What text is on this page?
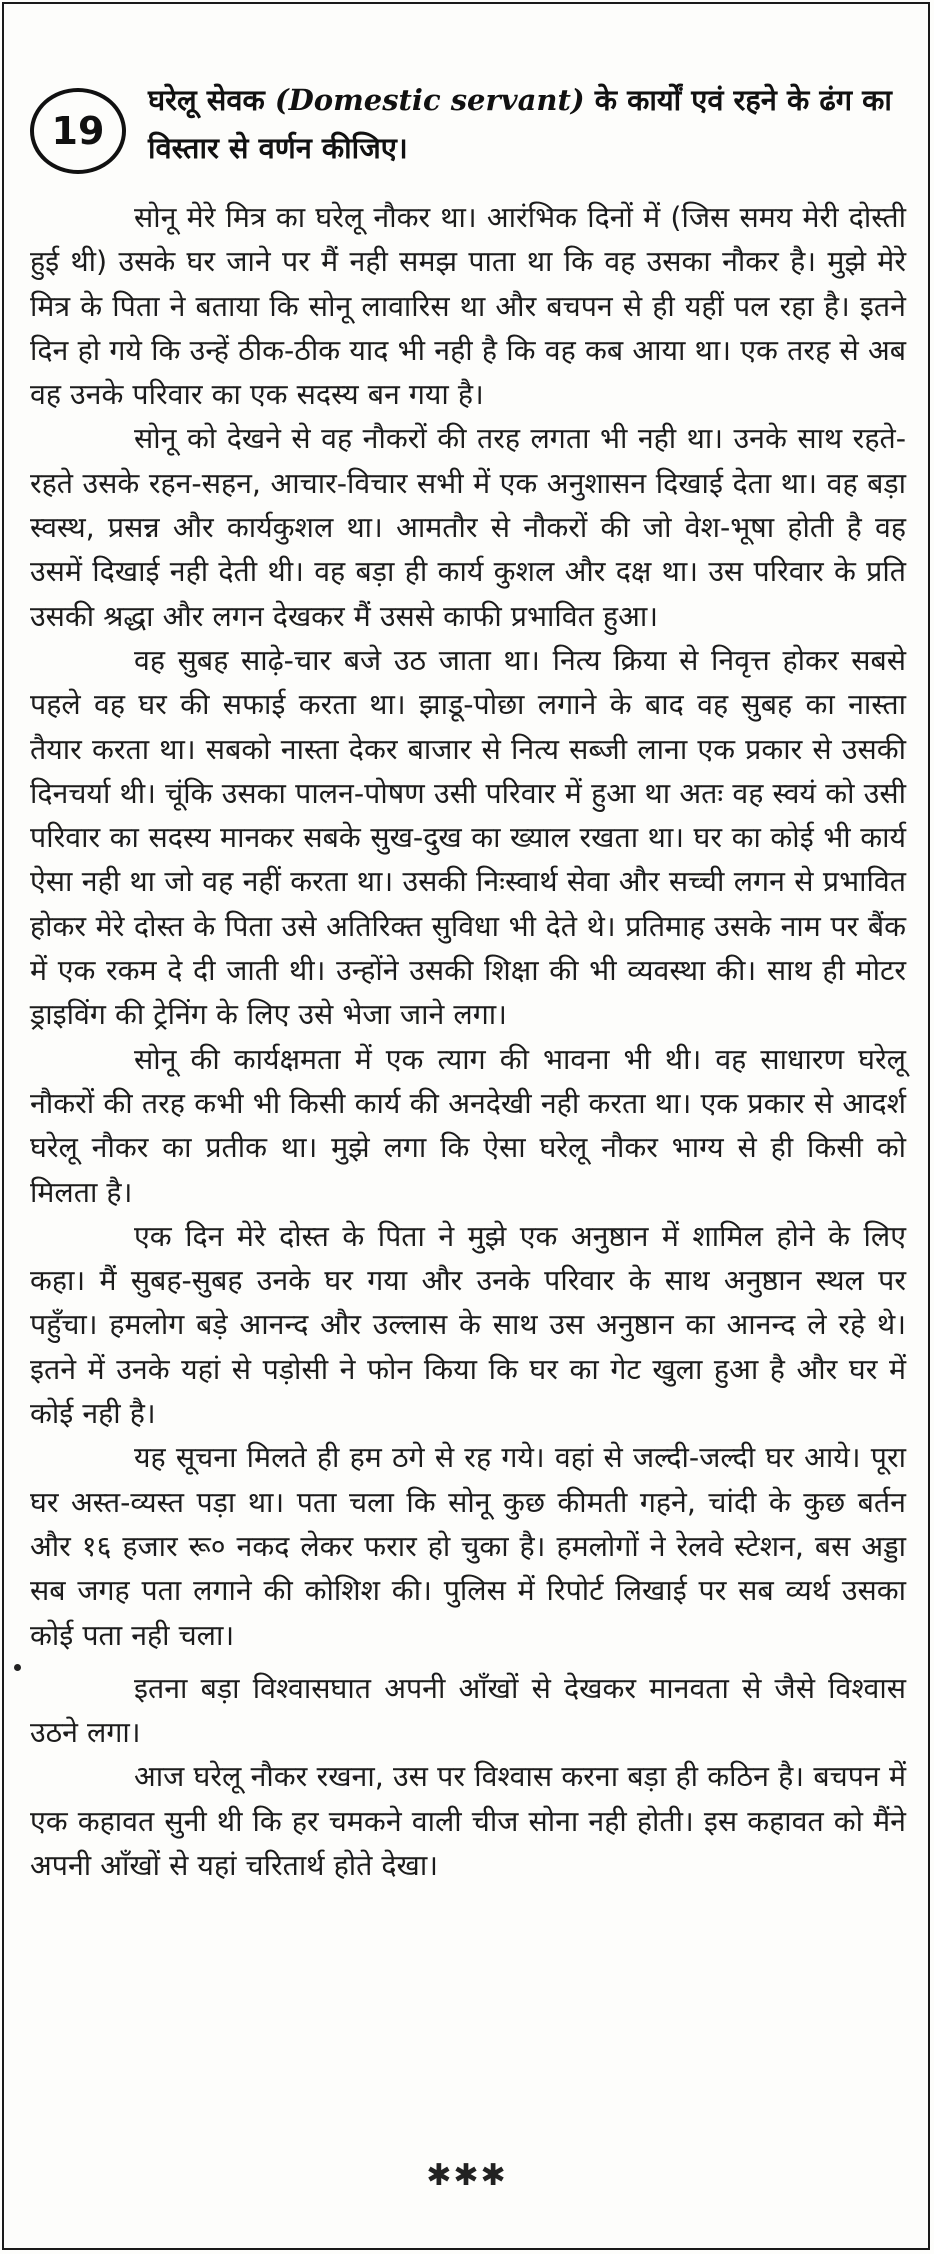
19
घरेलू सेवक (Domestic servant) के कार्यों एवं रहने के ढंग का विस्तार से वर्णन कीजिए।

सोनू मेरे मित्र का घरेलू नौकर था। आरंभिक दिनों में (जिस समय मेरी दोस्ती हुई थी) उसके घर जाने पर मैं नही समझ पाता था कि वह उसका नौकर है। मुझे मेरे मित्र के पिता ने बताया कि सोनू लावारिस था और बचपन से ही यहीं पल रहा है। इतने दिन हो गये कि उन्हें ठीक-ठीक याद भी नही है कि वह कब आया था। एक तरह से अब वह उनके परिवार का एक सदस्य बन गया है।

सोनू को देखने से वह नौकरों की तरह लगता भी नही था। उनके साथ रहते-रहते उसके रहन-सहन, आचार-विचार सभी में एक अनुशासन दिखाई देता था। वह बड़ा स्वस्थ, प्रसन्न और कार्यकुशल था। आमतौर से नौकरों की जो वेश-भूषा होती है वह उसमें दिखाई नही देती थी। वह बड़ा ही कार्य कुशल और दक्ष था। उस परिवार के प्रति उसकी श्रद्धा और लगन देखकर मैं उससे काफी प्रभावित हुआ।

वह सुबह साढ़े-चार बजे उठ जाता था। नित्य क्रिया से निवृत्त होकर सबसे पहले वह घर की सफाई करता था। झाडू-पोछा लगाने के बाद वह सुबह का नास्ता तैयार करता था। सबको नास्ता देकर बाजार से नित्य सब्जी लाना एक प्रकार से उसकी दिनचर्या थी। चूंकि उसका पालन-पोषण उसी परिवार में हुआ था अतः वह स्वयं को उसी परिवार का सदस्य मानकर सबके सुख-दुख का ख्याल रखता था। घर का कोई भी कार्य ऐसा नही था जो वह नहीं करता था। उसकी निःस्वार्थ सेवा और सच्ची लगन से प्रभावित होकर मेरे दोस्त के पिता उसे अतिरिक्त सुविधा भी देते थे। प्रतिमाह उसके नाम पर बैंक में एक रकम दे दी जाती थी। उन्होंने उसकी शिक्षा की भी व्यवस्था की। साथ ही मोटर ड्राइविंग की ट्रेनिंग के लिए उसे भेजा जाने लगा।

सोनू की कार्यक्षमता में एक त्याग की भावना भी थी। वह साधारण घरेलू नौकरों की तरह कभी भी किसी कार्य की अनदेखी नही करता था। एक प्रकार से आदर्श घरेलू नौकर का प्रतीक था। मुझे लगा कि ऐसा घरेलू नौकर भाग्य से ही किसी को मिलता है।

एक दिन मेरे दोस्त के पिता ने मुझे एक अनुष्ठान में शामिल होने के लिए कहा। मैं सुबह-सुबह उनके घर गया और उनके परिवार के साथ अनुष्ठान स्थल पर पहुँचा। हमलोग बड़े आनन्द और उल्लास के साथ उस अनुष्ठान का आनन्द ले रहे थे। इतने में उनके यहां से पड़ोसी ने फोन किया कि घर का गेट खुला हुआ है और घर में कोई नही है।

यह सूचना मिलते ही हम ठगे से रह गये। वहां से जल्दी-जल्दी घर आये। पूरा घर अस्त-व्यस्त पड़ा था। पता चला कि सोनू कुछ कीमती गहने, चांदी के कुछ बर्तन और १६ हजार रू० नकद लेकर फरार हो चुका है। हमलोगों ने रेलवे स्टेशन, बस अड्डा सब जगह पता लगाने की कोशिश की। पुलिस में रिपोर्ट लिखाई पर सब व्यर्थ उसका कोई पता नही चला।

इतना बड़ा विश्वासघात अपनी आँखों से देखकर मानवता से जैसे विश्वास उठने लगा।

आज घरेलू नौकर रखना, उस पर विश्वास करना बड़ा ही कठिन है। बचपन में एक कहावत सुनी थी कि हर चमकने वाली चीज सोना नही होती। इस कहावत को मैंने अपनी आँखों से यहां चरितार्थ होते देखा।

✱✱✱
